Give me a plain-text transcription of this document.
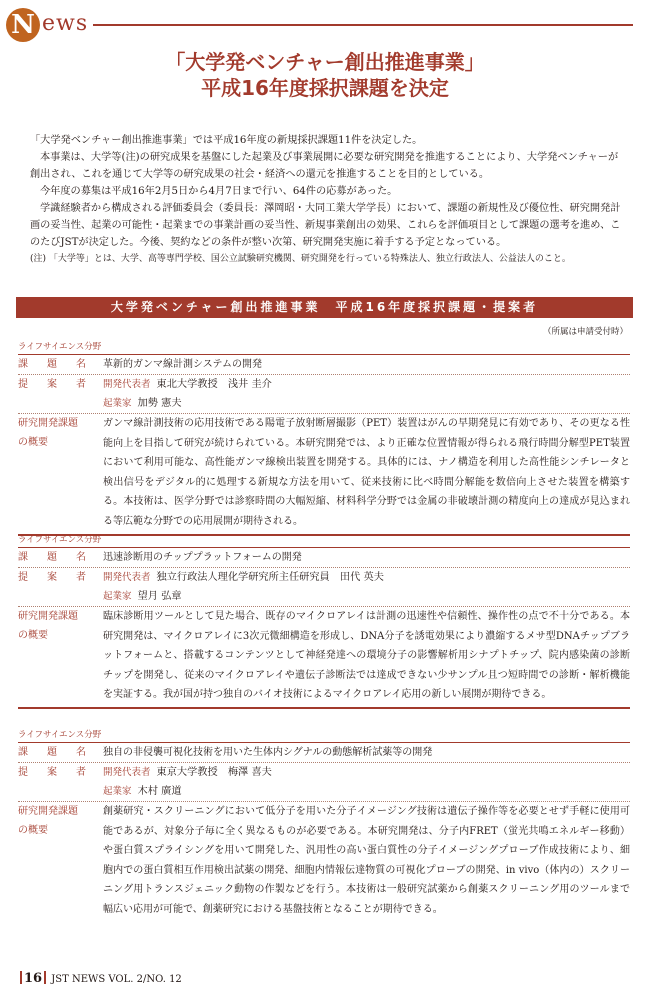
N ews
「大学発ベンチャー創出推進事業」
平成16年度採択課題を決定

「大学発ベンチャー創出推進事業」では平成16年度の新規採択課題11件を決定した。

本事業は、大学等(注)の研究成果を基盤にした起業及び事業展開に必要な研究開発を推進することにより、大学発ベンチャーが創出され、これを通じて大学等の研究成果の社会・経済への還元を推進することを目的としている。

今年度の募集は平成16年2月5日から4月7日まで行い、64件の応募があった。

学識経験者から構成される評価委員会（委員長：澤岡昭・大同工業大学学長）において、課題の新規性及び優位性、研究開発計画の妥当性、起業の可能性・起業までの事業計画の妥当性、新規事業創出の効果、これらを評価項目として課題の選考を進め、このたびJSTが決定した。今後、契約などの条件が整い次第、研究開発実施に着手する予定となっている。

(注) 「大学等」とは、大学、高等専門学校、国公立試験研究機関、研究開発を行っている特殊法人、独立行政法人、公益法人のこと。
大学発ベンチャー創出推進事業　平成16年度採択課題・提案者
（所属は申請受付時）
ライフサイエンス分野
課 題 名 革新的ガンマ線計測システムの開発
提 案 者 開発代表者 東北大学教授　浅井 圭介
起業家 加勢 憲夫
研究開発課題
の概要
ガンマ線計測技術の応用技術である陽電子放射断層撮影（PET）装置はがんの早期発見に有効であり、その更なる性能向上を目指して研究が続けられている。本研究開発では、より正確な位置情報が得られる飛行時間分解型PET装置において利用可能な、高性能ガンマ線検出装置を開発する。具体的には、ナノ構造を利用した高性能シンチレータと検出信号をデジタル的に処理する新規な方法を用いて、従来技術に比べ時間分解能を数倍向上させた装置を構築する。本技術は、医学分野では診察時間の大幅短縮、材料科学分野では金属の非破壊計測の精度向上の達成が見込まれる等広範な分野での応用展開が期待される。
ライフサイエンス分野
課 題 名 迅速診断用のチッププラットフォームの開発
提 案 者 開発代表者 独立行政法人理化学研究所主任研究員　田代 英夫
起業家 望月 弘章
研究開発課題
の概要
臨床診断用ツールとして見た場合、既存のマイクロアレイは計測の迅速性や信頼性、操作性の点で不十分である。本研究開発は、マイクロアレイに3次元微細構造を形成し、DNA分子を誘電効果により濃縮するメサ型DNAチップブラットフォームと、搭載するコンテンツとして神経発達への環境分子の影響解析用シナプトチップ、院内感染菌の診断チップを開発し、従来のマイクロアレイや遺伝子診断法では達成できない少サンプル且つ短時間での診断・解析機能を実証する。我が国が持つ独自のバイオ技術によるマイクロアレイ応用の新しい展開が期待できる。
ライフサイエンス分野
課 題 名 独自の非侵襲可視化技術を用いた生体内シグナルの動態解析試薬等の開発
提 案 者 開発代表者 東京大学教授　梅澤 喜夫
起業家 木村 廣道
研究開発課題
の概要
創薬研究・スクリーニングにおいて低分子を用いた分子イメージング技術は遺伝子操作等を必要とせず手軽に使用可能であるが、対象分子毎に全く異なるものが必要である。本研究開発は、分子内FRET（蛍光共鳴エネルギー移動）や蛋白質スプライシングを用いて開発した、汎用性の高い蛋白質性の分子イメージングプローブ作成技術により、細胞内での蛋白質相互作用検出試薬の開発、細胞内情報伝達物質の可視化プローブの開発、in vivo（体内の）スクリーニング用トランスジェニック動物の作製などを行う。本技術は一般研究試薬から創薬スクリーニング用のツールまで幅広い応用が可能で、創薬研究における基盤技術となることが期待できる。
16 JST NEWS VOL. 2/NO. 12
